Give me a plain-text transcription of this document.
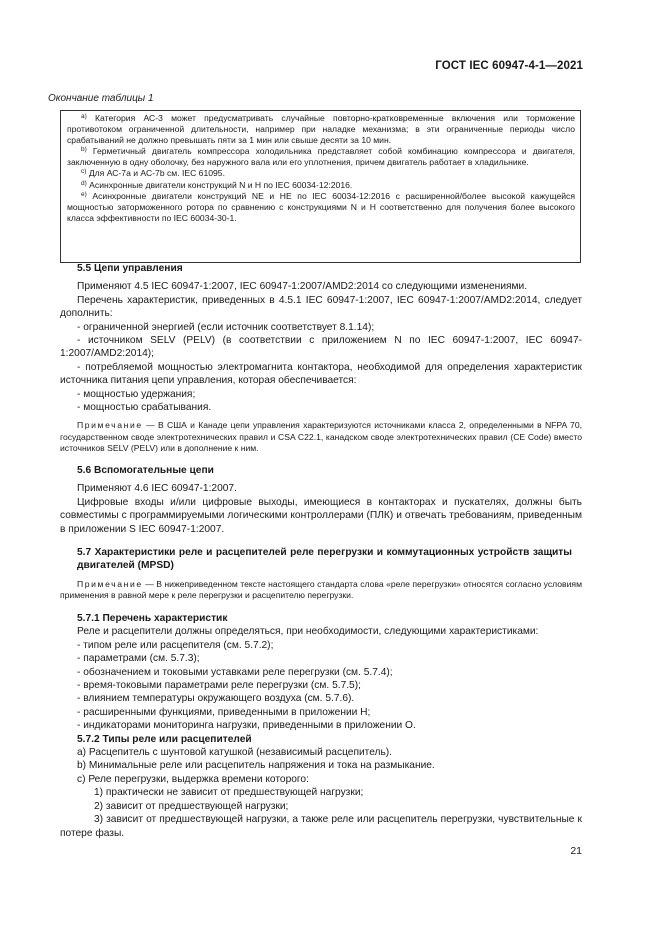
ГОСТ IEC 60947-4-1—2021
Окончание таблицы 1

$^{a)}$ Категория АС-3 может предусматривать случайные повторно-кратковременные включения или торможение противотоком ограниченной длительности, например при наладке механизма; в эти ограниченные периоды число срабатываний не должно превышать пяти за 1 мин или свыше десяти за 10 мин.

$^{b)}$ Герметичный двигатель компрессора холодильника представляет собой комбинацию компрессора и двигателя, заключенную в одну оболочку, без наружного вала или его уплотнения, причем двигатель работает в хладильнике.

$^{c)}$ Для АС-7а и АС-7b см. IEC 61095.

$^{d)}$ Асинхронные двигатели конструкций N и H по IEC 60034-12:2016.

$^{e)}$ Асинхронные двигатели конструкций NE и HE по IEC 60034-12:2016 с расширенной/более высокой кажущейся мощностью заторможенного ротора по сравнению с конструкциями N и H соответственно для получения более высокого класса эффективности по IEC 60034-30-1.

5.5 Цепи управления

Применяют 4.5 IEC 60947-1:2007, IEC 60947-1:2007/AMD2:2014 со следующими изменениями.

Перечень характеристик, приведенных в 4.5.1 IEC 60947-1:2007, IEC 60947-1:2007/AMD2:2014, следует дополнить:

- ограниченной энергией (если источник соответствует 8.1.14);

- источником SELV (PELV) (в соответствии с приложением N по IEC 60947-1:2007, IEC 60947-1:2007/AMD2:2014);

- потребляемой мощностью электромагнита контактора, необходимой для определения характеристик источника питания цепи управления, которая обеспечивается:

- мощностью удержания;

- мощностью срабатывания.

Примечание — В США и Канаде цепи управления характеризуются источниками класса 2, определенными в NFPA 70, государственном своде электротехнических правил и CSA C22.1, канадском своде электротехнических правил (CE Code) вместо источников SELV (PELV) или в дополнение к ним.

5.6 Вспомогательные цепи

Применяют 4.6 IEC 60947-1:2007.

Цифровые входы и/или цифровые выходы, имеющиеся в контакторах и пускателях, должны быть совместимы с программируемыми логическими контроллерами (ПЛК) и отвечать требованиям, приведенным в приложении S IEC 60947-1:2007.

5.7 Характеристики реле и расцепителей реле перегрузки и коммутационных устройств защиты двигателей (MPSD)

Примечание — В нижеприведенном тексте настоящего стандарта слова «реле перегрузки» относятся согласно условиям применения в равной мере к реле перегрузки и расцепителю перегрузки.

5.7.1 Перечень характеристик

Реле и расцепители должны определяться, при необходимости, следующими характеристиками:

- типом реле или расцепителя (см. 5.7.2);

- параметрами (см. 5.7.3);

- обозначением и токовыми уставками реле перегрузки (см. 5.7.4);

- время-токовыми параметрами реле перегрузки (см. 5.7.5);

- влиянием температуры окружающего воздуха (см. 5.7.6).

- расширенными функциями, приведенными в приложении H;

- индикаторами мониторинга нагрузки, приведенными в приложении O.

5.7.2 Типы реле или расцепителей

a) Расцепитель с шунтовой катушкой (независимый расцепитель).

b) Минимальные реле или расцепитель напряжения и тока на размыкание.

c) Реле перегрузки, выдержка времени которого:

1) практически не зависит от предшествующей нагрузки;

2) зависит от предшествующей нагрузки;

3) зависит от предшествующей нагрузки, а также реле или расцепитель перегрузки, чувствительные к потере фазы.

21
